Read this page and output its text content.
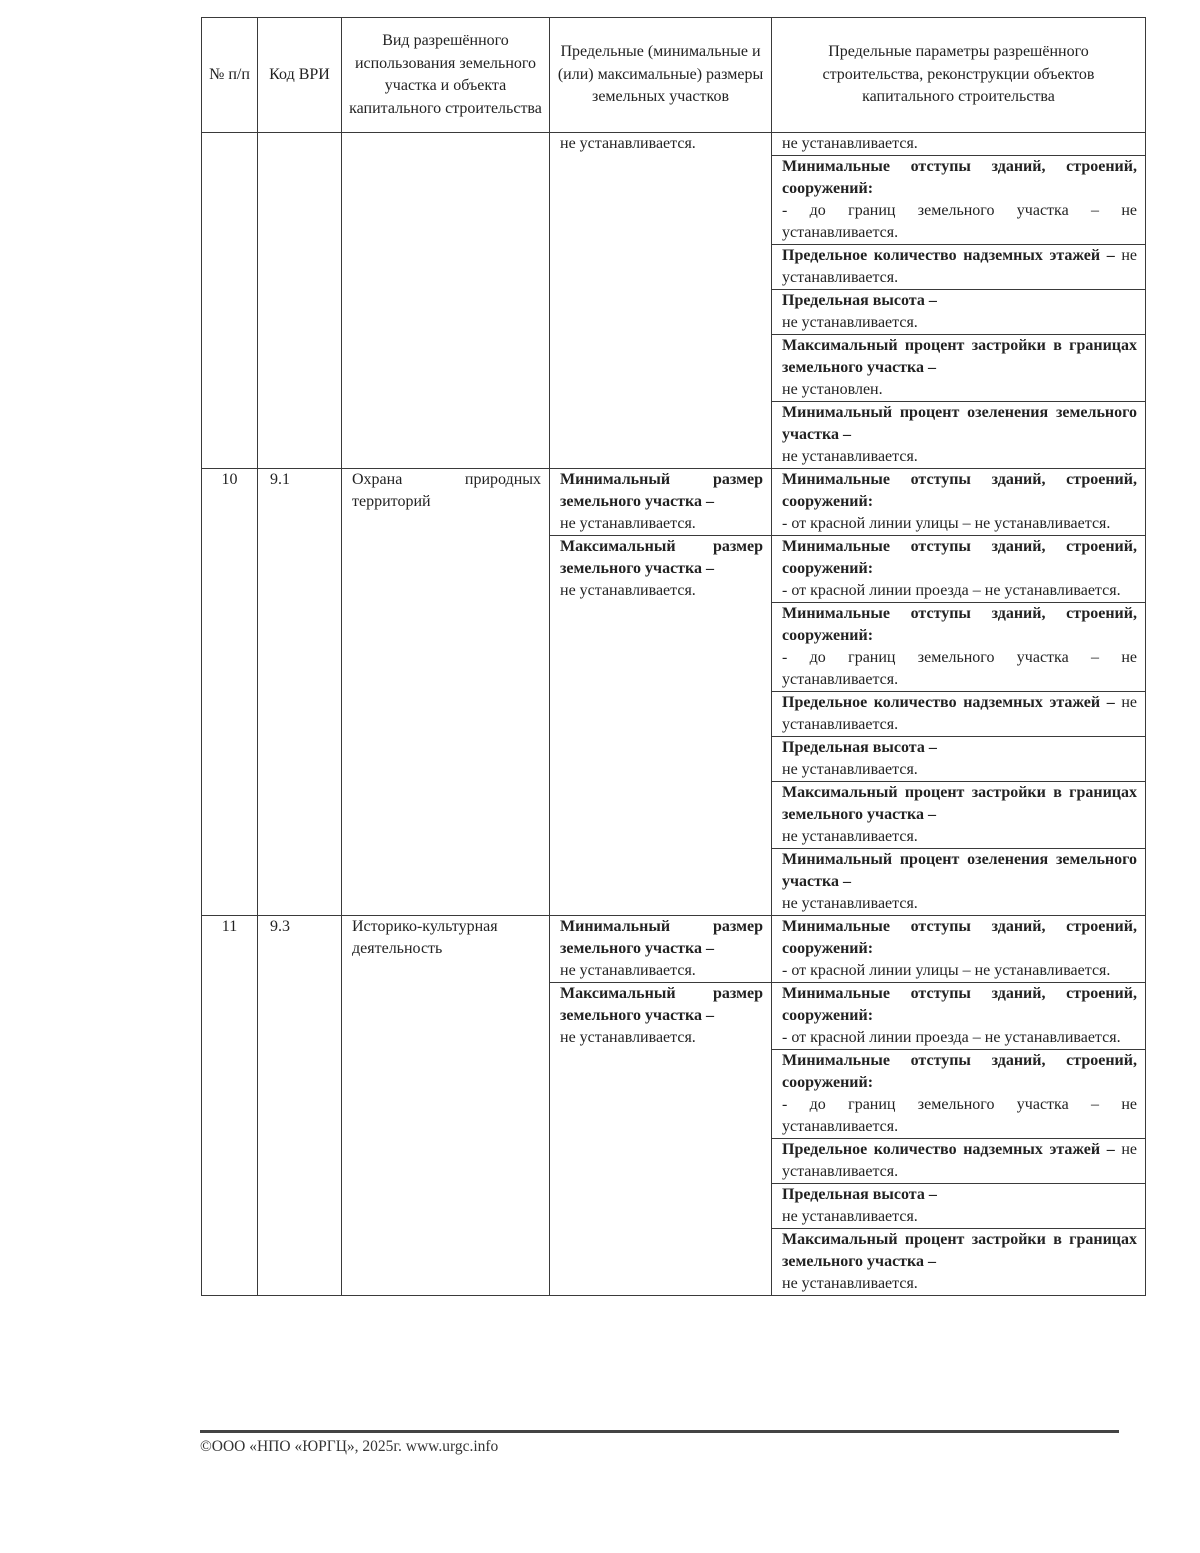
№ п/п	Код ВРИ	Вид разрешённого использования земельного участка и объекта капитального строительства	Предельные (минимальные и (или) максимальные) размеры земельных участков	Предельные параметры разрешённого строительства, реконструкции объектов капитального строительства
			не устанавливается.	не устанавливается.

				Минимальные отступы зданий, строений, сооружений:
- до границ земельного участка – не устанавливается.
				Предельное количество надземных этажей – не устанавливается.

				Предельная высота –
не устанавливается.

				Максимальный процент застройки в границах земельного участка –
не установлен.

				Минимальный процент озеленения земельного участка –
не устанавливается.
10	9.1	Охрана природных территорий	Минимальный размер земельного участка –
не устанавливается.	Минимальные отступы зданий, строений, сооружений:
- от красной линии улицы – не устанавливается.

			Максимальный размер земельного участка –
не устанавливается.	Минимальные отступы зданий, строений, сооружений:
- от красной линии проезда – не устанавливается.

				Минимальные отступы зданий, строений, сооружений:
- до границ земельного участка – не устанавливается.
				Предельное количество надземных этажей – не устанавливается.

				Предельная высота –
не устанавливается.

				Максимальный процент застройки в границах земельного участка –
не устанавливается.

				Минимальный процент озеленения земельного участка –
не устанавливается.
11	9.3	Историко-культурная деятельность	Минимальный размер земельного участка –
не устанавливается.	Минимальные отступы зданий, строений, сооружений:
- от красной линии улицы – не устанавливается.

			Максимальный размер земельного участка –
не устанавливается.	Минимальные отступы зданий, строений, сооружений:
- от красной линии проезда – не устанавливается.

				Минимальные отступы зданий, строений, сооружений:
- до границ земельного участка – не устанавливается.
				Предельное количество надземных этажей – не устанавливается.

				Предельная высота –
не устанавливается.

				Максимальный процент застройки в границах земельного участка –
не устанавливается.
©ООО «НПО «ЮРГЦ», 2025г. www.urgc.info
